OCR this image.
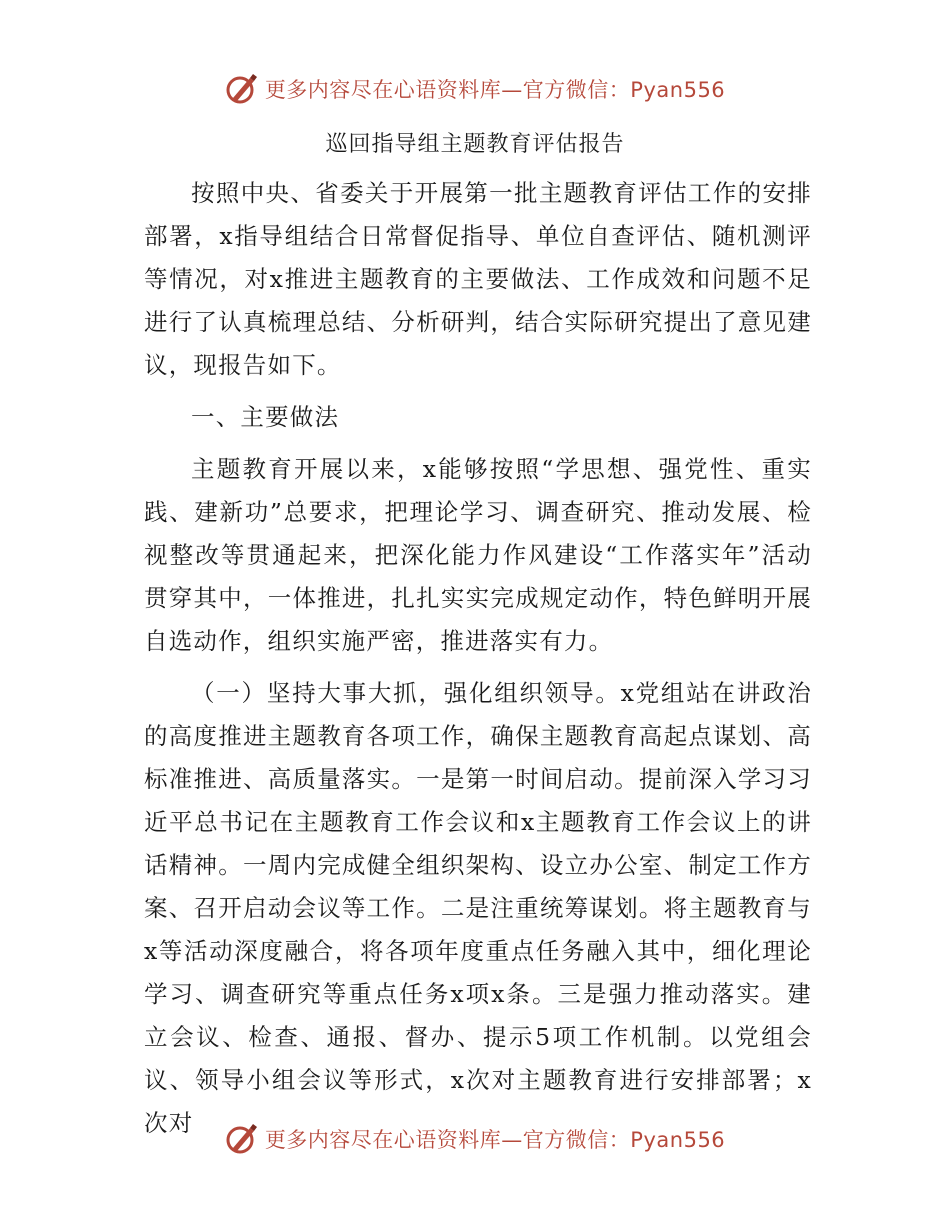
更多内容尽在心语资料库—官方微信：Pyan556
巡回指导组主题教育评估报告

按照中央、省委关于开展第一批主题教育评估工作的安排部署，x指导组结合日常督促指导、单位自查评估、随机测评等情况，对x推进主题教育的主要做法、工作成效和问题不足进行了认真梳理总结、分析研判，结合实际研究提出了意见建议，现报告如下。

一、主要做法

主题教育开展以来，x能够按照“学思想、强党性、重实践、建新功”总要求，把理论学习、调查研究、推动发展、检视整改等贯通起来，把深化能力作风建设“工作落实年”活动贯穿其中，一体推进，扎扎实实完成规定动作，特色鲜明开展自选动作，组织实施严密，推进落实有力。

（一）坚持大事大抓，强化组织领导。x党组站在讲政治的高度推进主题教育各项工作，确保主题教育高起点谋划、高标准推进、高质量落实。一是第一时间启动。提前深入学习习近平总书记在主题教育工作会议和x主题教育工作会议上的讲话精神。一周内完成健全组织架构、设立办公室、制定工作方案、召开启动会议等工作。二是注重统筹谋划。将主题教育与x等活动深度融合，将各项年度重点任务融入其中，细化理论学习、调查研究等重点任务x项x条。三是强力推动落实。建立会议、检查、通报、督办、提示5项工作机制。以党组会议、领导小组会议等形式，x次对主题教育进行安排部署；x次对

更多内容尽在心语资料库—官方微信：Pyan556
